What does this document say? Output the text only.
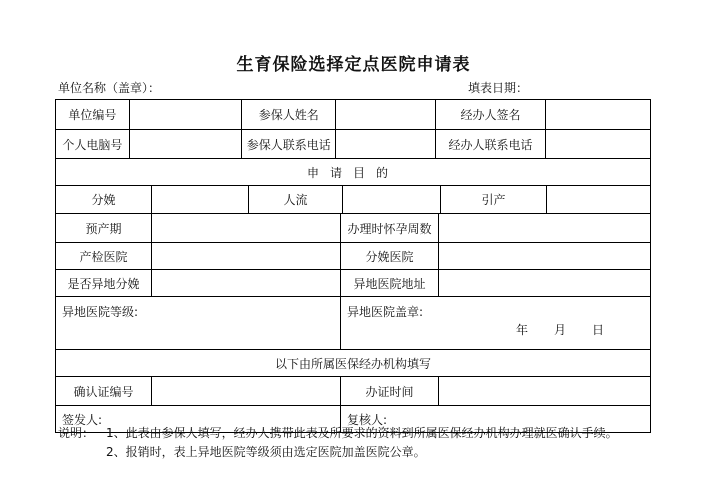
生育保险选择定点医院申请表
单位名称（盖章）：	填表日期：
单位编号	参保人姓名	经办人签名
个人电脑号	参保人联系电话	经办人联系电话
申请目的
分娩	人流	引产
预产期	办理时怀孕周数
产检医院	分娩医院
是否异地分娩	异地医院地址
异地医院等级:	异地医院盖章:
年 月 日
以下由所属医保经办机构填写
确认证编号	办证时间
签发人:	复核人:
说明： 1、此表由参保人填写，经办人携带此表及所要求的资料到所属医保经办机构办理就医确认手续。
2、报销时，表上异地医院等级须由选定医院加盖医院公章。
